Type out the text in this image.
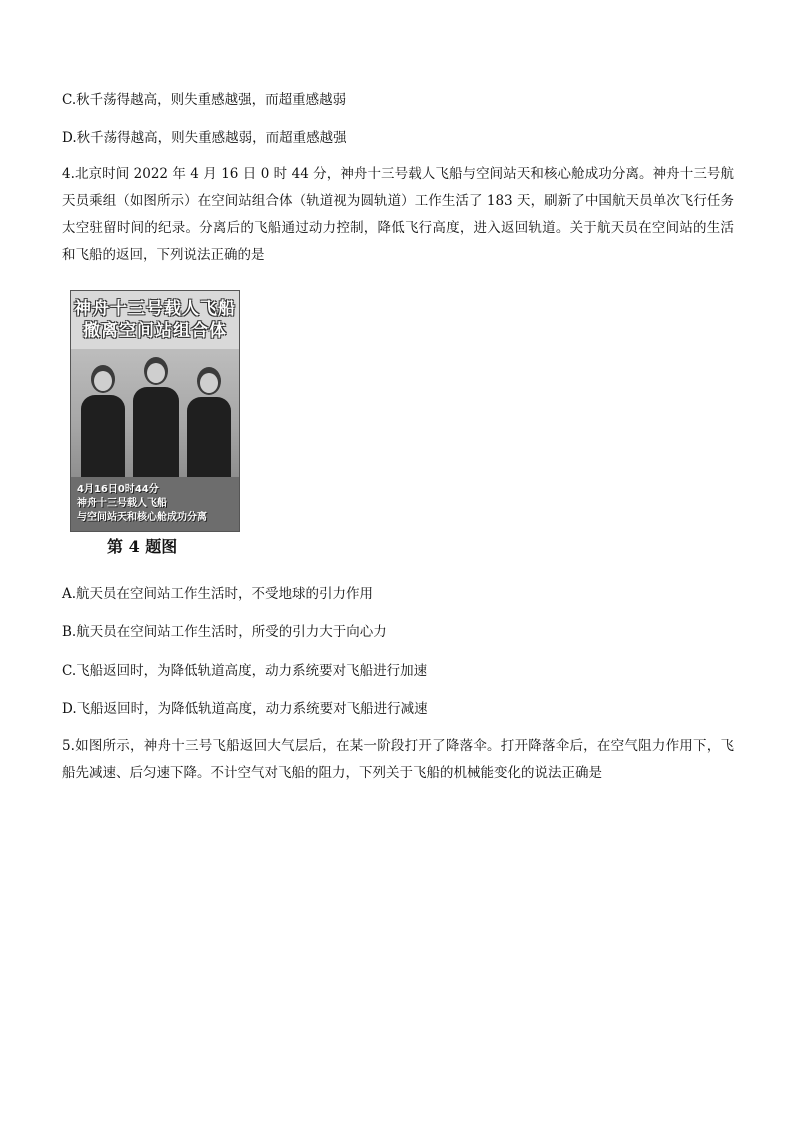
C.秋千荡得越高，则失重感越强，而超重感越弱
D.秋千荡得越高，则失重感越弱，而超重感越强
4.北京时间 2022 年 4 月 16 日 0 时 44 分，神舟十三号载人飞船与空间站天和核心舱成功分离。神舟十三号航天员乘组（如图所示）在空间站组合体（轨道视为圆轨道）工作生活了 183 天，刷新了中国航天员单次飞行任务太空驻留时间的纪录。分离后的飞船通过动力控制，降低飞行高度，进入返回轨道。关于航天员在空间站的生活和飞船的返回，下列说法正确的是
神舟十三号载人飞船
撤离空间站组合体
4月16日0时44分
神舟十三号载人飞船
与空间站天和核心舱成功分离
第 4 题图
A.航天员在空间站工作生活时，不受地球的引力作用
B.航天员在空间站工作生活时，所受的引力大于向心力
C.飞船返回时，为降低轨道高度，动力系统要对飞船进行加速
D.飞船返回时，为降低轨道高度，动力系统要对飞船进行减速
5.如图所示，神舟十三号飞船返回大气层后，在某一阶段打开了降落伞。打开降落伞后，在空气阻力作用下，飞船先减速、后匀速下降。不计空气对飞船的阻力，下列关于飞船的机械能变化的说法正确是
